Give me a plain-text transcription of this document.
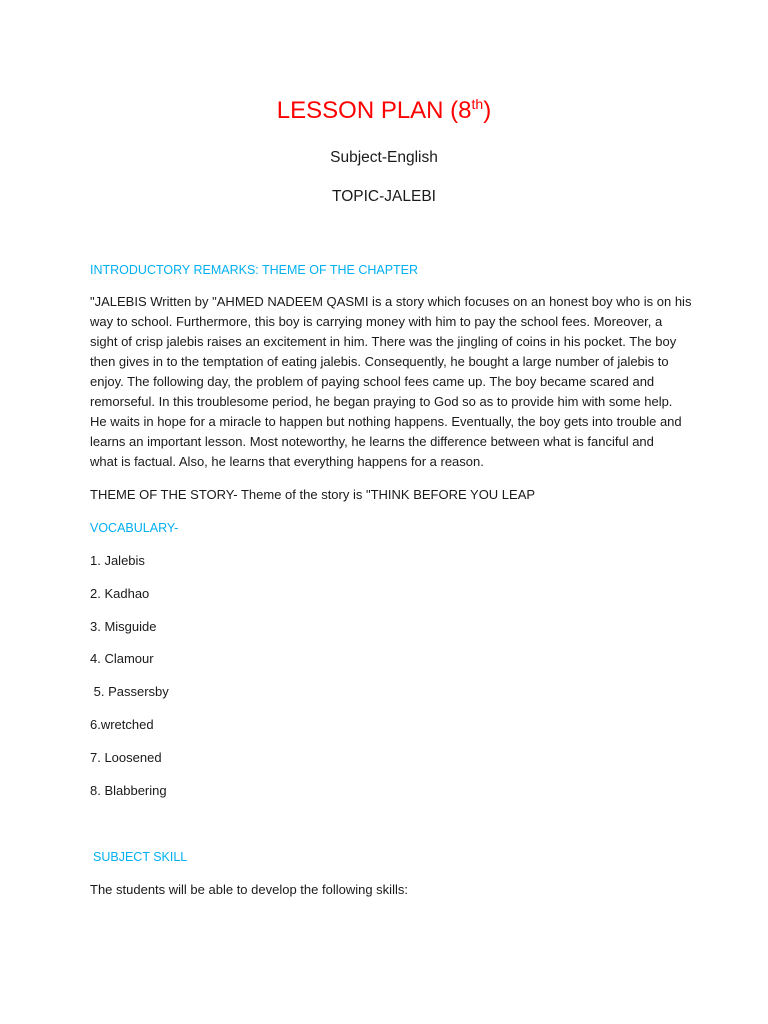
LESSON PLAN (8th)
Subject-English
TOPIC-JALEBI
INTRODUCTORY REMARKS: THEME OF THE CHAPTER
"JALEBIS Written by "AHMED NADEEM QASMI is a story which focuses on an honest boy who is on his
way to school. Furthermore, this boy is carrying money with him to pay the school fees. Moreover, a
sight of crisp jalebis raises an excitement in him. There was the jingling of coins in his pocket. The boy
then gives in to the temptation of eating jalebis. Consequently, he bought a large number of jalebis to
enjoy. The following day, the problem of paying school fees came up. The boy became scared and
remorseful. In this troublesome period, he began praying to God so as to provide him with some help.
He waits in hope for a miracle to happen but nothing happens. Eventually, the boy gets into trouble and
learns an important lesson. Most noteworthy, he learns the difference between what is fanciful and
what is factual. Also, he learns that everything happens for a reason.
THEME OF THE STORY- Theme of the story is "THINK BEFORE YOU LEAP
VOCABULARY-
1. Jalebis
2. Kadhao
3. Misguide
4. Clamour
5. Passersby
6.wretched
7. Loosened
8. Blabbering
SUBJECT SKILL
The students will be able to develop the following skills:
